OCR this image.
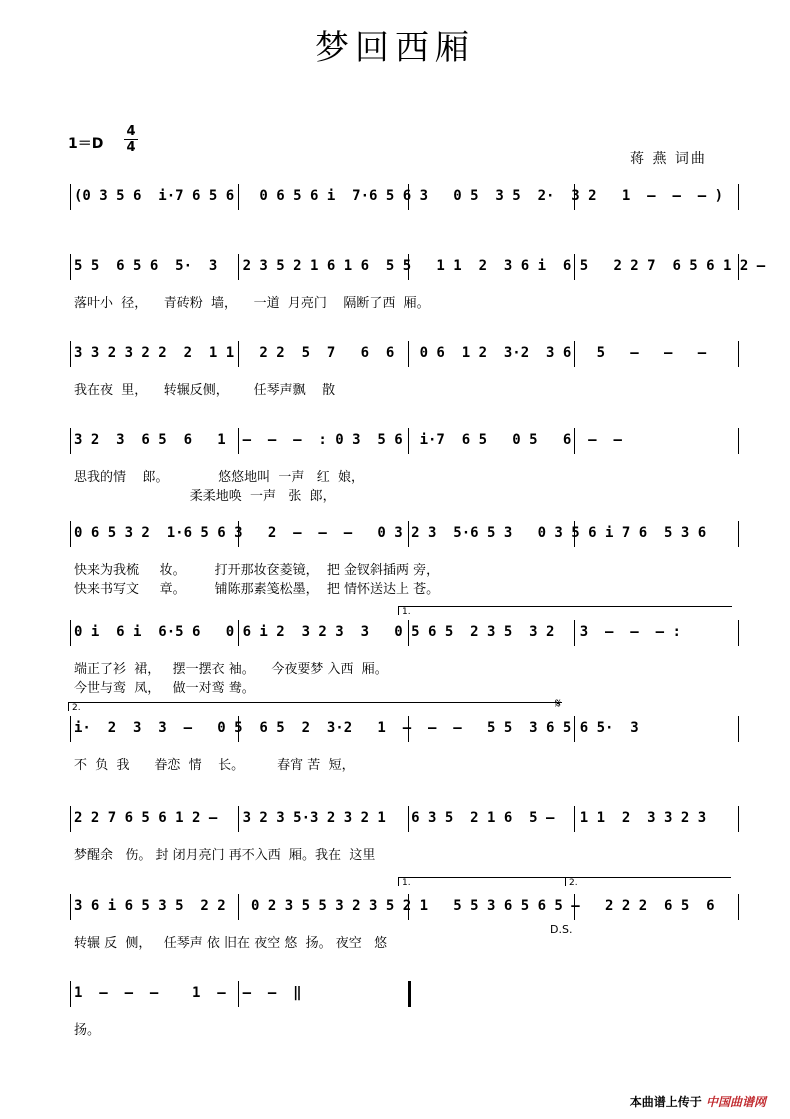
梦回西厢
1＝D
4
4
蒋 燕 词曲
(0 3 5 6  i·7 6 5 6   0 6 5 6 i  7·6 5 6 3   0 5  3 5  2·  3 2   1  –  –  – )
5 5  6 5 6  5·  3   2 3 5 2 1 6 1 6  5 5   1 1  2  3 6 i  6 5   2 2 7  6 5 6 1 2 –
落叶小  径，    青砖粉  墙，    一道  月亮门    隔断了西  厢。
3 3 2 3 2 2  2  1 1   2 2  5  7   6  6   0 6  1 2  3·2  3 6   5   –   –   –
我在夜  里，    转辗反侧，      任琴声飘    散
3 2  3  6 5  6   1  –  –  –  : 0 3  5 6  i·7  6 5   0 5   6  –  –
思我的情    郎。            悠悠地叫  一声   红  娘，
柔柔地唤  一声   张  郎，
0 6 5 3 2  1·6 5 6 3   2  –  –  –   0 3 2 3  5·6 5 3   0 3 5 6 i 7 6  5 3 6
快来为我梳     妆。       打开那妆奁菱镜，  把 金钗斜插两 旁，
快来书写文     章。       铺陈那素笺松墨，  把 情怀送达上 苍。
0 i  6 i  6·5 6   0 6 i 2  3 2 3  3   0 5 6 5  2 3 5  3 2   3  –  –  – :
端正了衫  裙，   摆一摆衣 袖。    今夜要梦 入西  厢。
今世与鸾  凤，   做一对鸾 鸯。
i·  2  3  3  –   0 5  6 5  2  3·2   1  –  –  –   5 5  3 6 5 6 5·  3
不  负  我      眷恋  情    长。        春宵 苦  短，
2 2 7 6 5 6 1 2 –   3 2 3 5·3 2 3 2 1   6 3 5  2 1 6  5 –   1 1  2  3 3 2 3
梦醒余   伤。 封 闭月亮门 再不入西  厢。我在  这里
3 6 i 6 5 3 5  2 2   0 2 3 5 5 3 2 3 5 2 1   5 5 3 6 5 6 5 –   2 2 2  6 5  6
转辗 反  侧，   任琴声 依 旧在 夜空 悠  扬。 夜空   悠
1  –  –  –    1  –  –  –  ‖
扬。
1.
2.	𝄋
1.	2.
D.S.
本曲谱上传于 中国曲谱网
